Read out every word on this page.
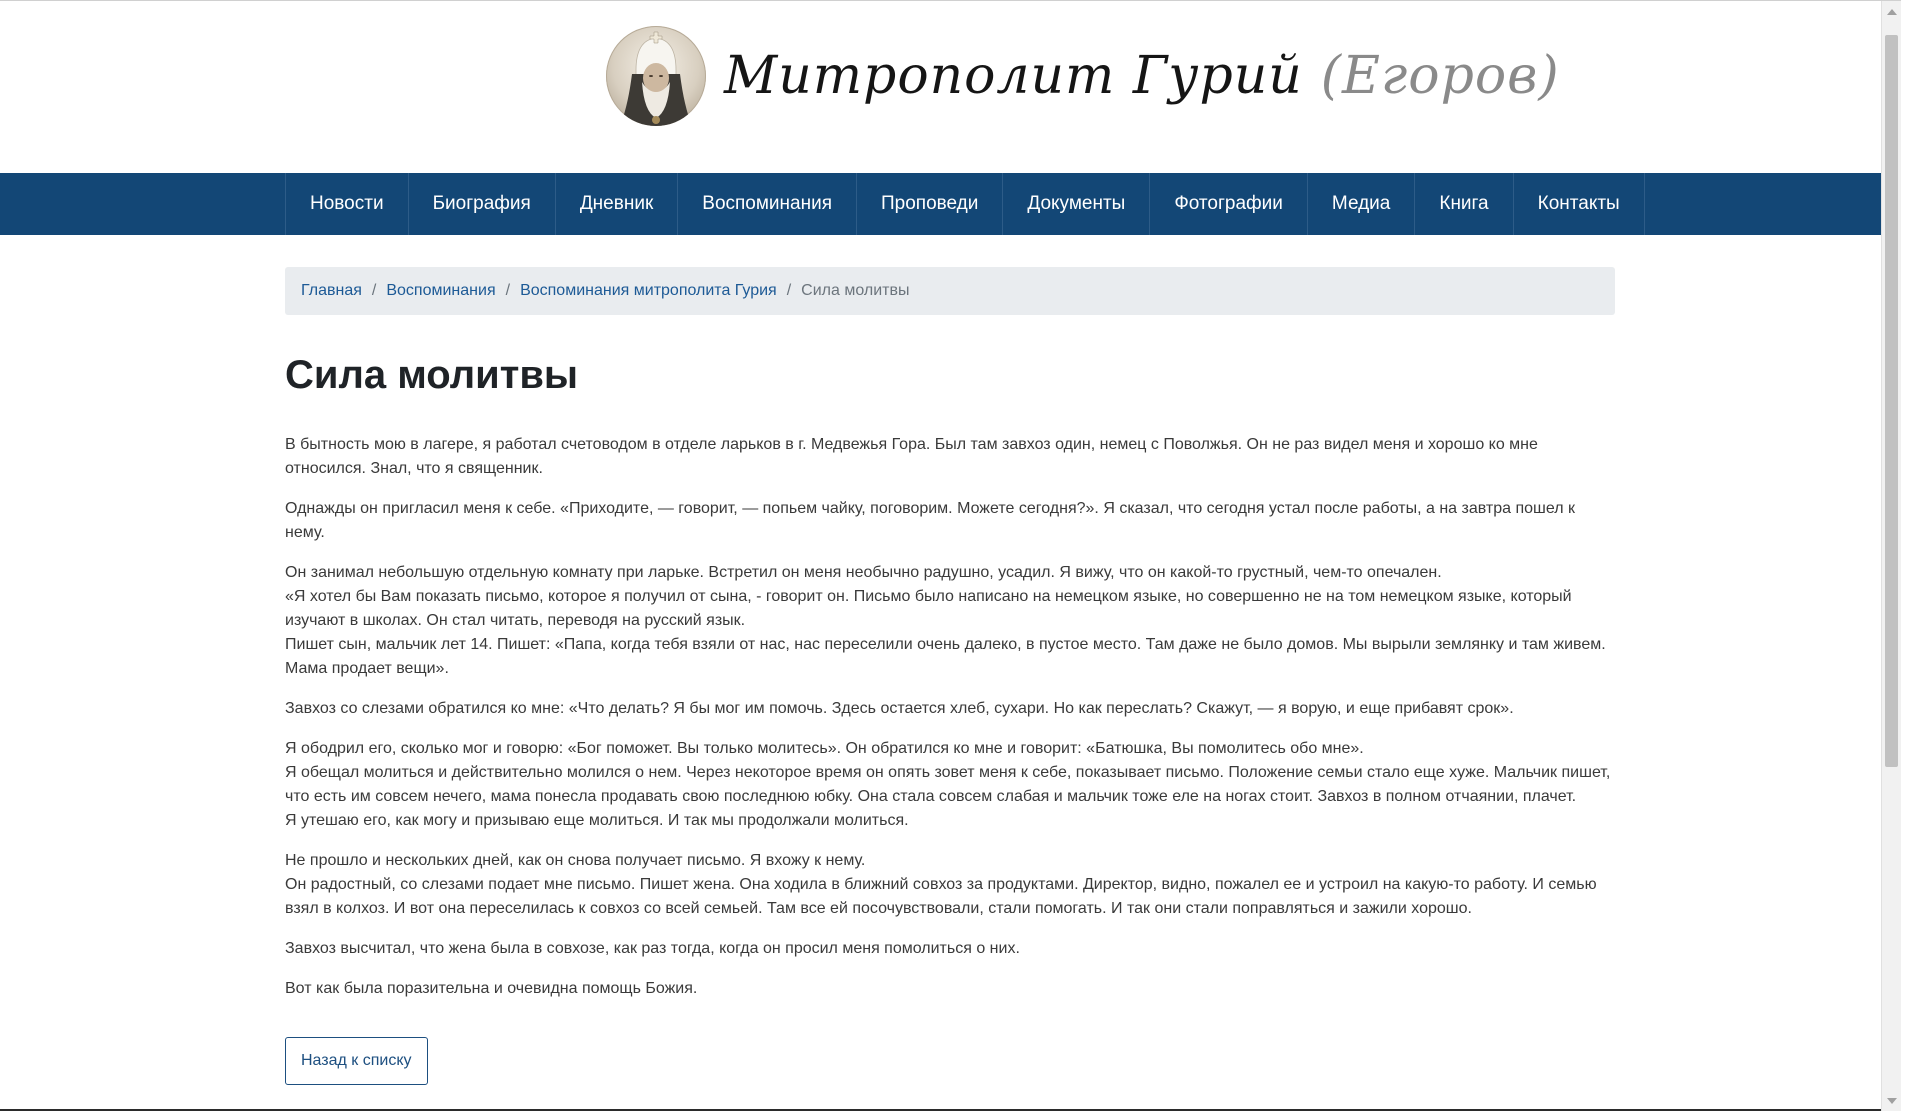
Митрополит Гурий (Егоров)
Новости	Биография	Дневник	Воспоминания	Проповеди	Документы	Фотографии	Медиа	Книга	Контакты
Главная / Воспоминания / Воспоминания митрополита Гурия / Сила молитвы
Сила молитвы

В бытность мою в лагере, я работал счетоводом в отделе ларьков в г. Медвежья Гора. Был там завхоз один, немец с Поволжья. Он не раз видел меня и хорошо ко мне относился. Знал, что я священник.

Однажды он пригласил меня к себе. «Приходите, — говорит, — попьем чайку, поговорим. Можете сегодня?». Я сказал, что сегодня устал после работы, а на завтра пошел к нему.

Он занимал небольшую отдельную комнату при ларьке. Встретил он меня необычно радушно, усадил. Я вижу, что он какой-то грустный, чем-то опечален.
«Я хотел бы Вам показать письмо, которое я получил от сына, - говорит он. Письмо было написано на немецком языке, но совершенно не на том немецком языке, который изучают в школах. Он стал читать, переводя на русский язык.
Пишет сын, мальчик лет 14. Пишет: «Папа, когда тебя взяли от нас, нас переселили очень далеко, в пустое место. Там даже не было домов. Мы вырыли землянку и там живем. Мама продает вещи».

Завхоз со слезами обратился ко мне: «Что делать? Я бы мог им помочь. Здесь остается хлеб, сухари. Но как переслать? Скажут, — я ворую, и еще прибавят срок».

Я ободрил его, сколько мог и говорю: «Бог поможет. Вы только молитесь». Он обратился ко мне и говорит: «Батюшка, Вы помолитесь обо мне».
Я обещал молиться и действительно молился о нем. Через некоторое время он опять зовет меня к себе, показывает письмо. Положение семьи стало еще хуже. Мальчик пишет, что есть им совсем нечего, мама понесла продавать свою последнюю юбку. Она стала совсем слабая и мальчик тоже еле на ногах стоит. Завхоз в полном отчаянии, плачет.
Я утешаю его, как могу и призываю еще молиться. И так мы продолжали молиться.

Не прошло и нескольких дней, как он снова получает письмо. Я вхожу к нему.
Он радостный, со слезами подает мне письмо. Пишет жена. Она ходила в ближний совхоз за продуктами. Директор, видно, пожалел ее и устроил на какую-то работу. И семью взял в колхоз. И вот она переселилась к совхоз со всей семьей. Там все ей посочувствовали, стали помогать. И так они стали поправляться и зажили хорошо.

Завхоз высчитал, что жена была в совхозе, как раз тогда, когда он просил меня помолиться о них.

Вот как была поразительна и очевидна помощь Божия.

Назад к списку
